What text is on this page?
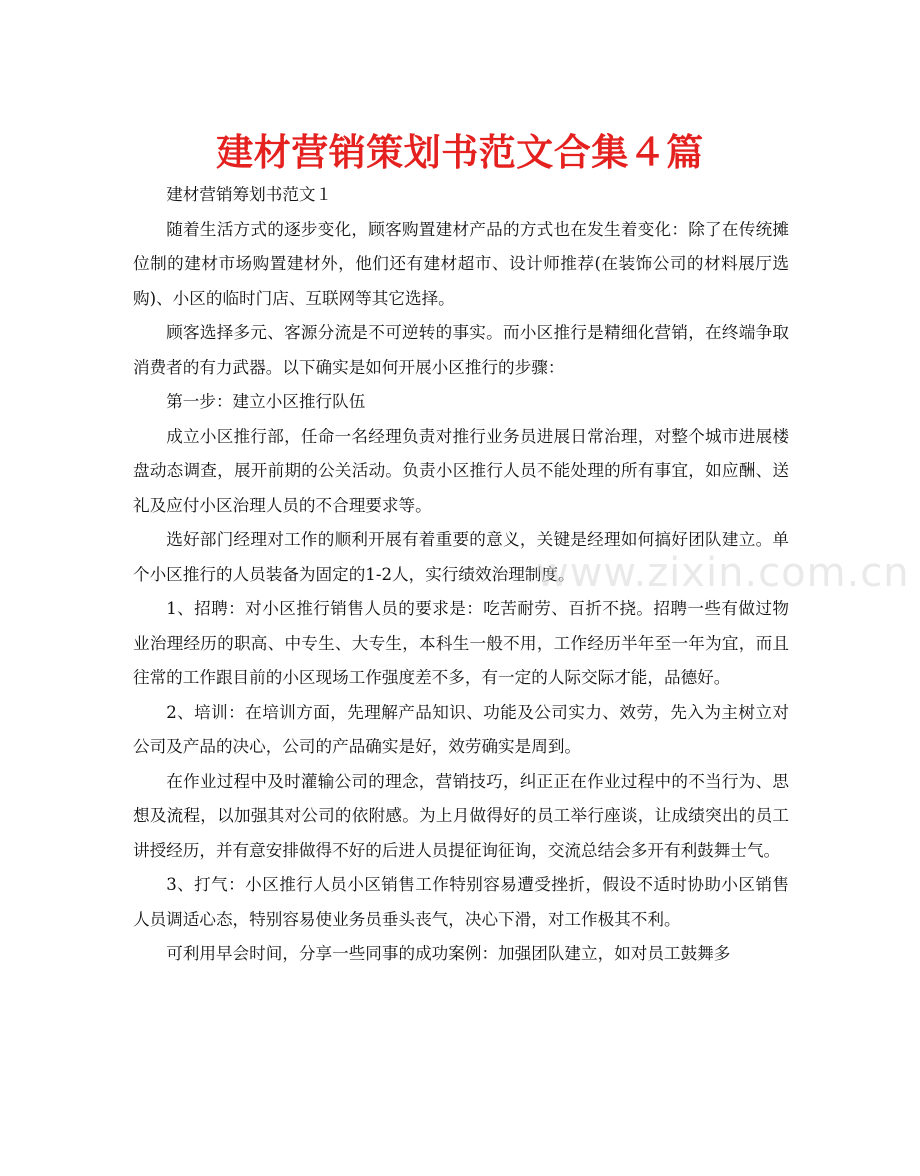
建材营销策划书范文合集４篇

建材营销筹划书范文１

随着生活方式的逐步变化，顾客购置建材产品的方式也在发生着变化：除了在传统摊位制的建材市场购置建材外，他们还有建材超市、设计师推荐(在装饰公司的材料展厅选购)、小区的临时门店、互联网等其它选择。

顾客选择多元、客源分流是不可逆转的事实。而小区推行是精细化营销，在终端争取消费者的有力武器。以下确实是如何开展小区推行的步骤：

第一步：建立小区推行队伍

成立小区推行部，任命一名经理负责对推行业务员进展日常治理，对整个城市进展楼盘动态调查，展开前期的公关活动。负责小区推行人员不能处理的所有事宜，如应酬、送礼及应付小区治理人员的不合理要求等。

选好部门经理对工作的顺利开展有着重要的意义，关键是经理如何搞好团队建立。单个小区推行的人员装备为固定的1-2人，实行绩效治理制度。

1、招聘：对小区推行销售人员的要求是：吃苦耐劳、百折不挠。招聘一些有做过物业治理经历的职高、中专生、大专生，本科生一般不用，工作经历半年至一年为宜，而且往常的工作跟目前的小区现场工作强度差不多，有一定的人际交际才能，品德好。

2、培训：在培训方面，先理解产品知识、功能及公司实力、效劳，先入为主树立对公司及产品的决心，公司的产品确实是好，效劳确实是周到。

在作业过程中及时灌输公司的理念，营销技巧，纠正正在作业过程中的不当行为、思想及流程，以加强其对公司的依附感。为上月做得好的员工举行座谈，让成绩突出的员工讲授经历，并有意安排做得不好的后进人员提征询征询，交流总结会多开有利鼓舞士气。

3、打气：小区推行人员小区销售工作特别容易遭受挫折，假设不适时协助小区销售人员调适心态，特别容易使业务员垂头丧气，决心下滑，对工作极其不利。

可利用早会时间，分享一些同事的成功案例：加强团队建立，如对员工鼓舞多

www.zixin.com.cn
